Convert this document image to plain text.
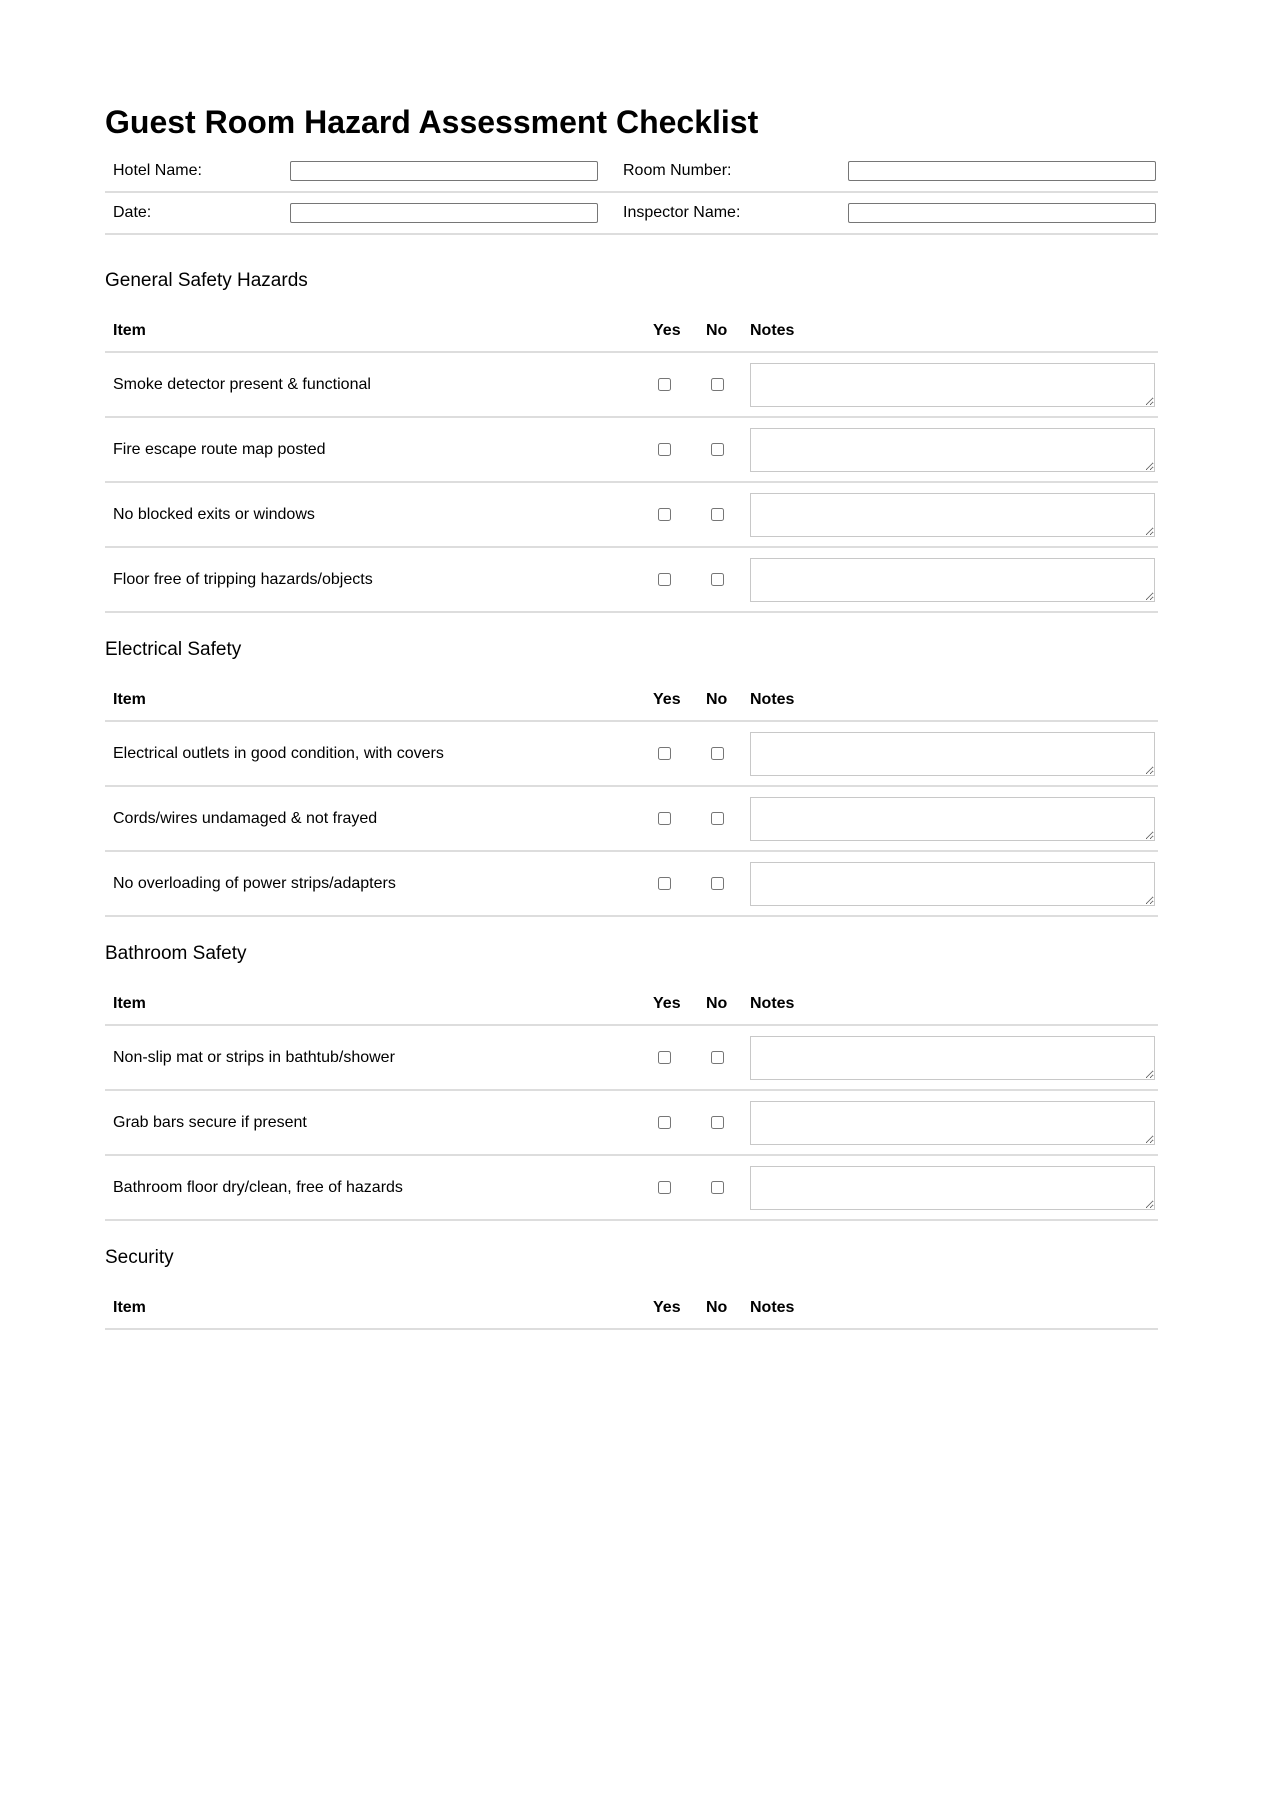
Guest Room Hazard Assessment Checklist
Hotel Name:		Room Number:	

Date:		Inspector Name:	
General Safety Hazards
Item	Yes	No	Notes
Smoke detector present & functional	

Fire escape route map posted	

No blocked exits or windows	

Floor free of tripping hazards/objects	

Electrical Safety
Item	Yes	No	Notes
Electrical outlets in good condition, with covers	

Cords/wires undamaged & not frayed	

No overloading of power strips/adapters	

Bathroom Safety
Item	Yes	No	Notes
Non-slip mat or strips in bathtub/shower	

Grab bars secure if present	

Bathroom floor dry/clean, free of hazards	

Security
Item	Yes	No	Notes
